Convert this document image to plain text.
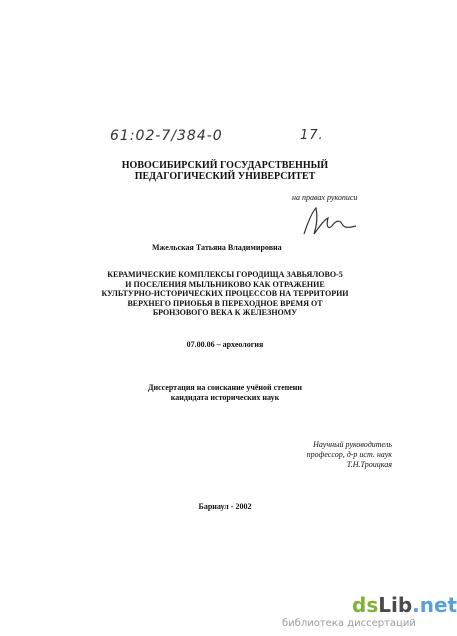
61:02-7/384-0	17.
НОВОСИБИРСКИЙ ГОСУДАРСТВЕННЫЙ
ПЕДАГОГИЧЕСКИЙ УНИВЕРСИТЕТ
на правах рукописи
Мжельская Татьяна Владимировна
КЕРАМИЧЕСКИЕ КОМПЛЕКСЫ ГОРОДИЩА ЗАВЬЯЛОВО-5
И ПОСЕЛЕНИЯ МЫЛЬНИКОВО КАК ОТРАЖЕНИЕ
КУЛЬТУРНО-ИСТОРИЧЕСКИХ ПРОЦЕССОВ НА ТЕРРИТОРИИ
ВЕРХНЕГО ПРИОБЬЯ В ПЕРЕХОДНОЕ ВРЕМЯ ОТ
БРОНЗОВОГО ВЕКА К ЖЕЛЕЗНОМУ
07.00.06 – археология
Диссертация на соискание учёной степени
кандидата исторических наук
Научный руководитель
профессор, д-р ист. наук
Т.Н.Троицкая
Барнаул - 2002
dsLib.net
библиотека диссертаций
